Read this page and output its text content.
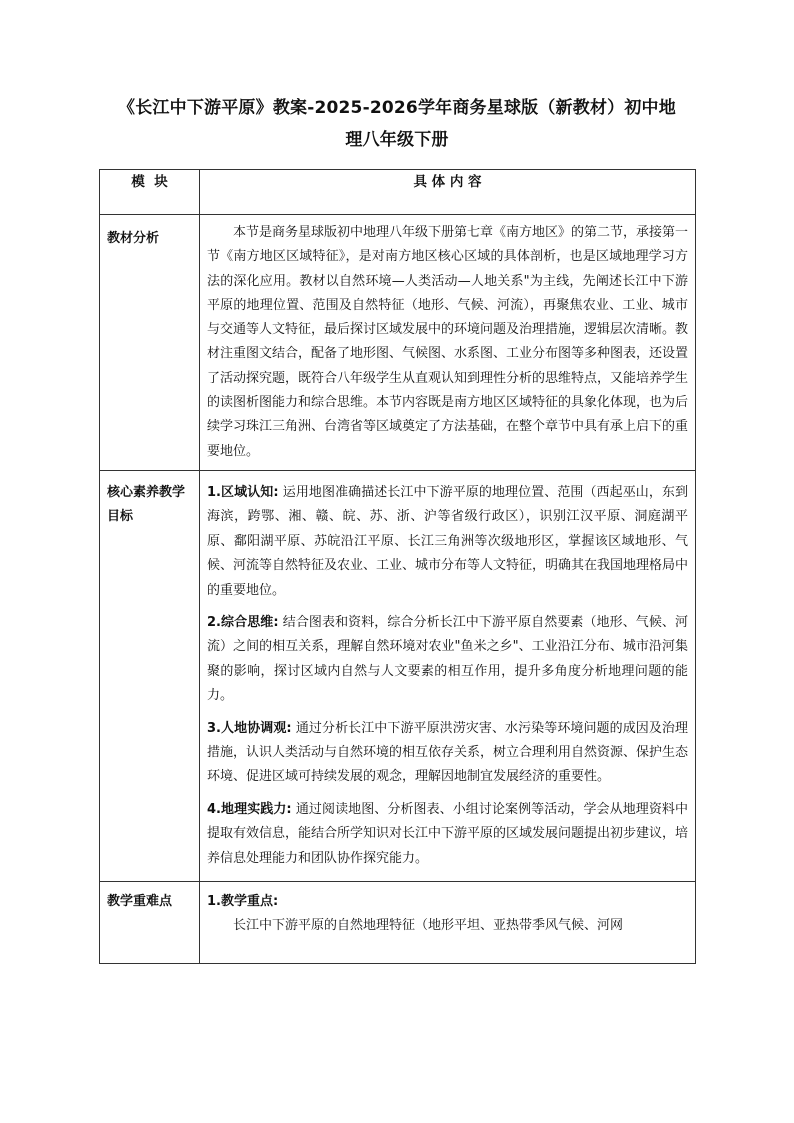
《长江中下游平原》教案-2025-2026学年商务星球版（新教材）初中地
理八年级下册
模  块	具 体 内 容
教材分析	本节是商务星球版初中地理八年级下册第七章《南方地区》的第二节，承接第一节《南方地区区域特征》，是对南方地区核心区域的具体剖析，也是区域地理学习方法的深化应用。教材以自然环境—人类活动—人地关系"为主线，先阐述长江中下游平原的地理位置、范围及自然特征（地形、气候、河流），再聚焦农业、工业、城市与交通等人文特征，最后探讨区域发展中的环境问题及治理措施，逻辑层次清晰。教材注重图文结合，配备了地形图、气候图、水系图、工业分布图等多种图表，还设置了活动探究题，既符合八年级学生从直观认知到理性分析的思维特点，又能培养学生的读图析图能力和综合思维。本节内容既是南方地区区域特征的具象化体现，也为后续学习珠江三角洲、台湾省等区域奠定了方法基础，在整个章节中具有承上启下的重要地位。

核心素养教学目标	1.区域认知: 运用地图准确描述长江中下游平原的地理位置、范围（西起巫山，东到海滨，跨鄂、湘、赣、皖、苏、浙、沪等省级行政区），识别江汉平原、洞庭湖平原、鄱阳湖平原、苏皖沿江平原、长江三角洲等次级地形区，掌握该区域地形、气候、河流等自然特征及农业、工业、城市分布等人文特征，明确其在我国地理格局中的重要地位。

2.综合思维: 结合图表和资料，综合分析长江中下游平原自然要素（地形、气候、河流）之间的相互关系，理解自然环境对农业"鱼米之乡"、工业沿江分布、城市沿河集聚的影响，探讨区域内自然与人文要素的相互作用，提升多角度分析地理问题的能力。

3.人地协调观: 通过分析长江中下游平原洪涝灾害、水污染等环境问题的成因及治理措施，认识人类活动与自然环境的相互依存关系，树立合理利用自然资源、保护生态环境、促进区域可持续发展的观念，理解因地制宜发展经济的重要性。

4.地理实践力: 通过阅读地图、分析图表、小组讨论案例等活动，学会从地理资料中提取有效信息，能结合所学知识对长江中下游平原的区域发展问题提出初步建议，培养信息处理能力和团队协作探究能力。

教学重难点	1.教学重点:

长江中下游平原的自然地理特征（地形平坦、亚热带季风气候、河网
